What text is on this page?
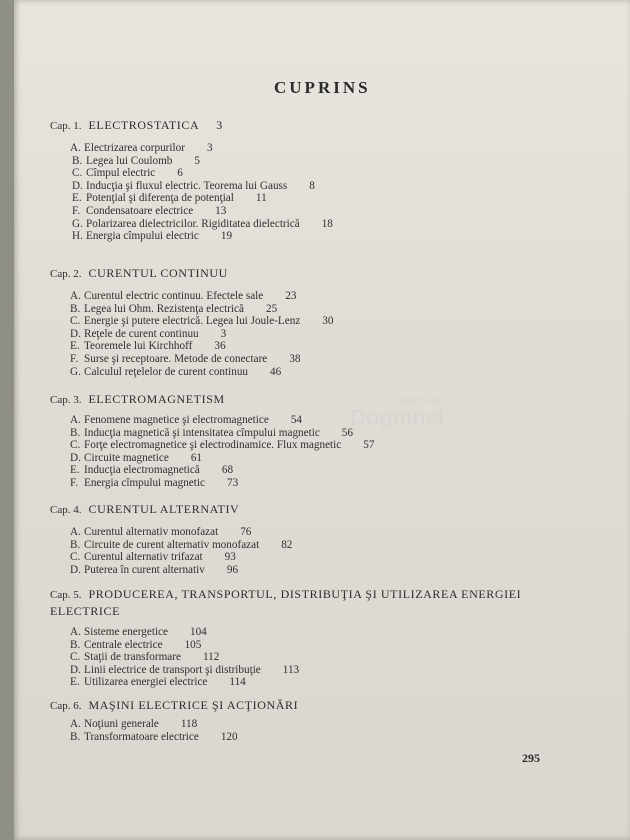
CUPRINS
Cap. 1. ELECTROSTATICA 3
A. Electrizarea corpurilor 3
B. Legea lui Coulomb 5
C. Cîmpul electric 6
D. Inducţia şi fluxul electric. Teorema lui Gauss 8
E. Potenţial şi diferenţa de potenţial 11
F. Condensatoare electrice 13
G. Polarizarea dielectricilor. Rigiditatea dielectrică 18
H. Energia cîmpului electric 19
Cap. 2. CURENTUL CONTINUU
A. Curentul electric continuu. Efectele sale 23
B. Legea lui Ohm. Rezistenţa electrică 25
C. Energie şi putere electrică. Legea lui Joule-Lenz 30
D. Reţele de curent continuu 3
E. Teoremele lui Kirchhoff 36
F. Surse şi receptoare. Metode de conectare 38
G. Calculul reţelelor de curent continuu 46
Cap. 3. ELECTROMAGNETISM
A. Fenomene magnetice şi electromagnetice 54
B. Inducţia magnetică şi intensitatea cîmpului magnetic 56
C. Forţe electromagnetice şi electrodinamice. Flux magnetic 57
D. Circuite magnetice 61
E. Inducţia electromagnetică 68
F. Energia cîmpului magnetic 73
Cap. 4. CURENTUL ALTERNATIV
A. Curentul alternativ monofazat 76
B. Circuite de curent alternativ monofazat 82
C. Curentul alternativ trifazat 93
D. Puterea în curent alternativ 96
Cap. 5. PRODUCEREA, TRANSPORTUL, DISTRIBUŢIA ŞI UTILIZAREA ENERGIEI ELECTRICE
A. Sisteme energetice 104
B. Centrale electrice 105
C. Staţii de transformare 112
D. Linii electrice de transport şi distribuţie 113
E. Utilizarea energiei electrice 114
Cap. 6. MAŞINI ELECTRICE ŞI ACŢIONĂRI
A. Noţiuni generale 118
B. Transformatoare electrice 120
295
anticariat
Dogmnei
